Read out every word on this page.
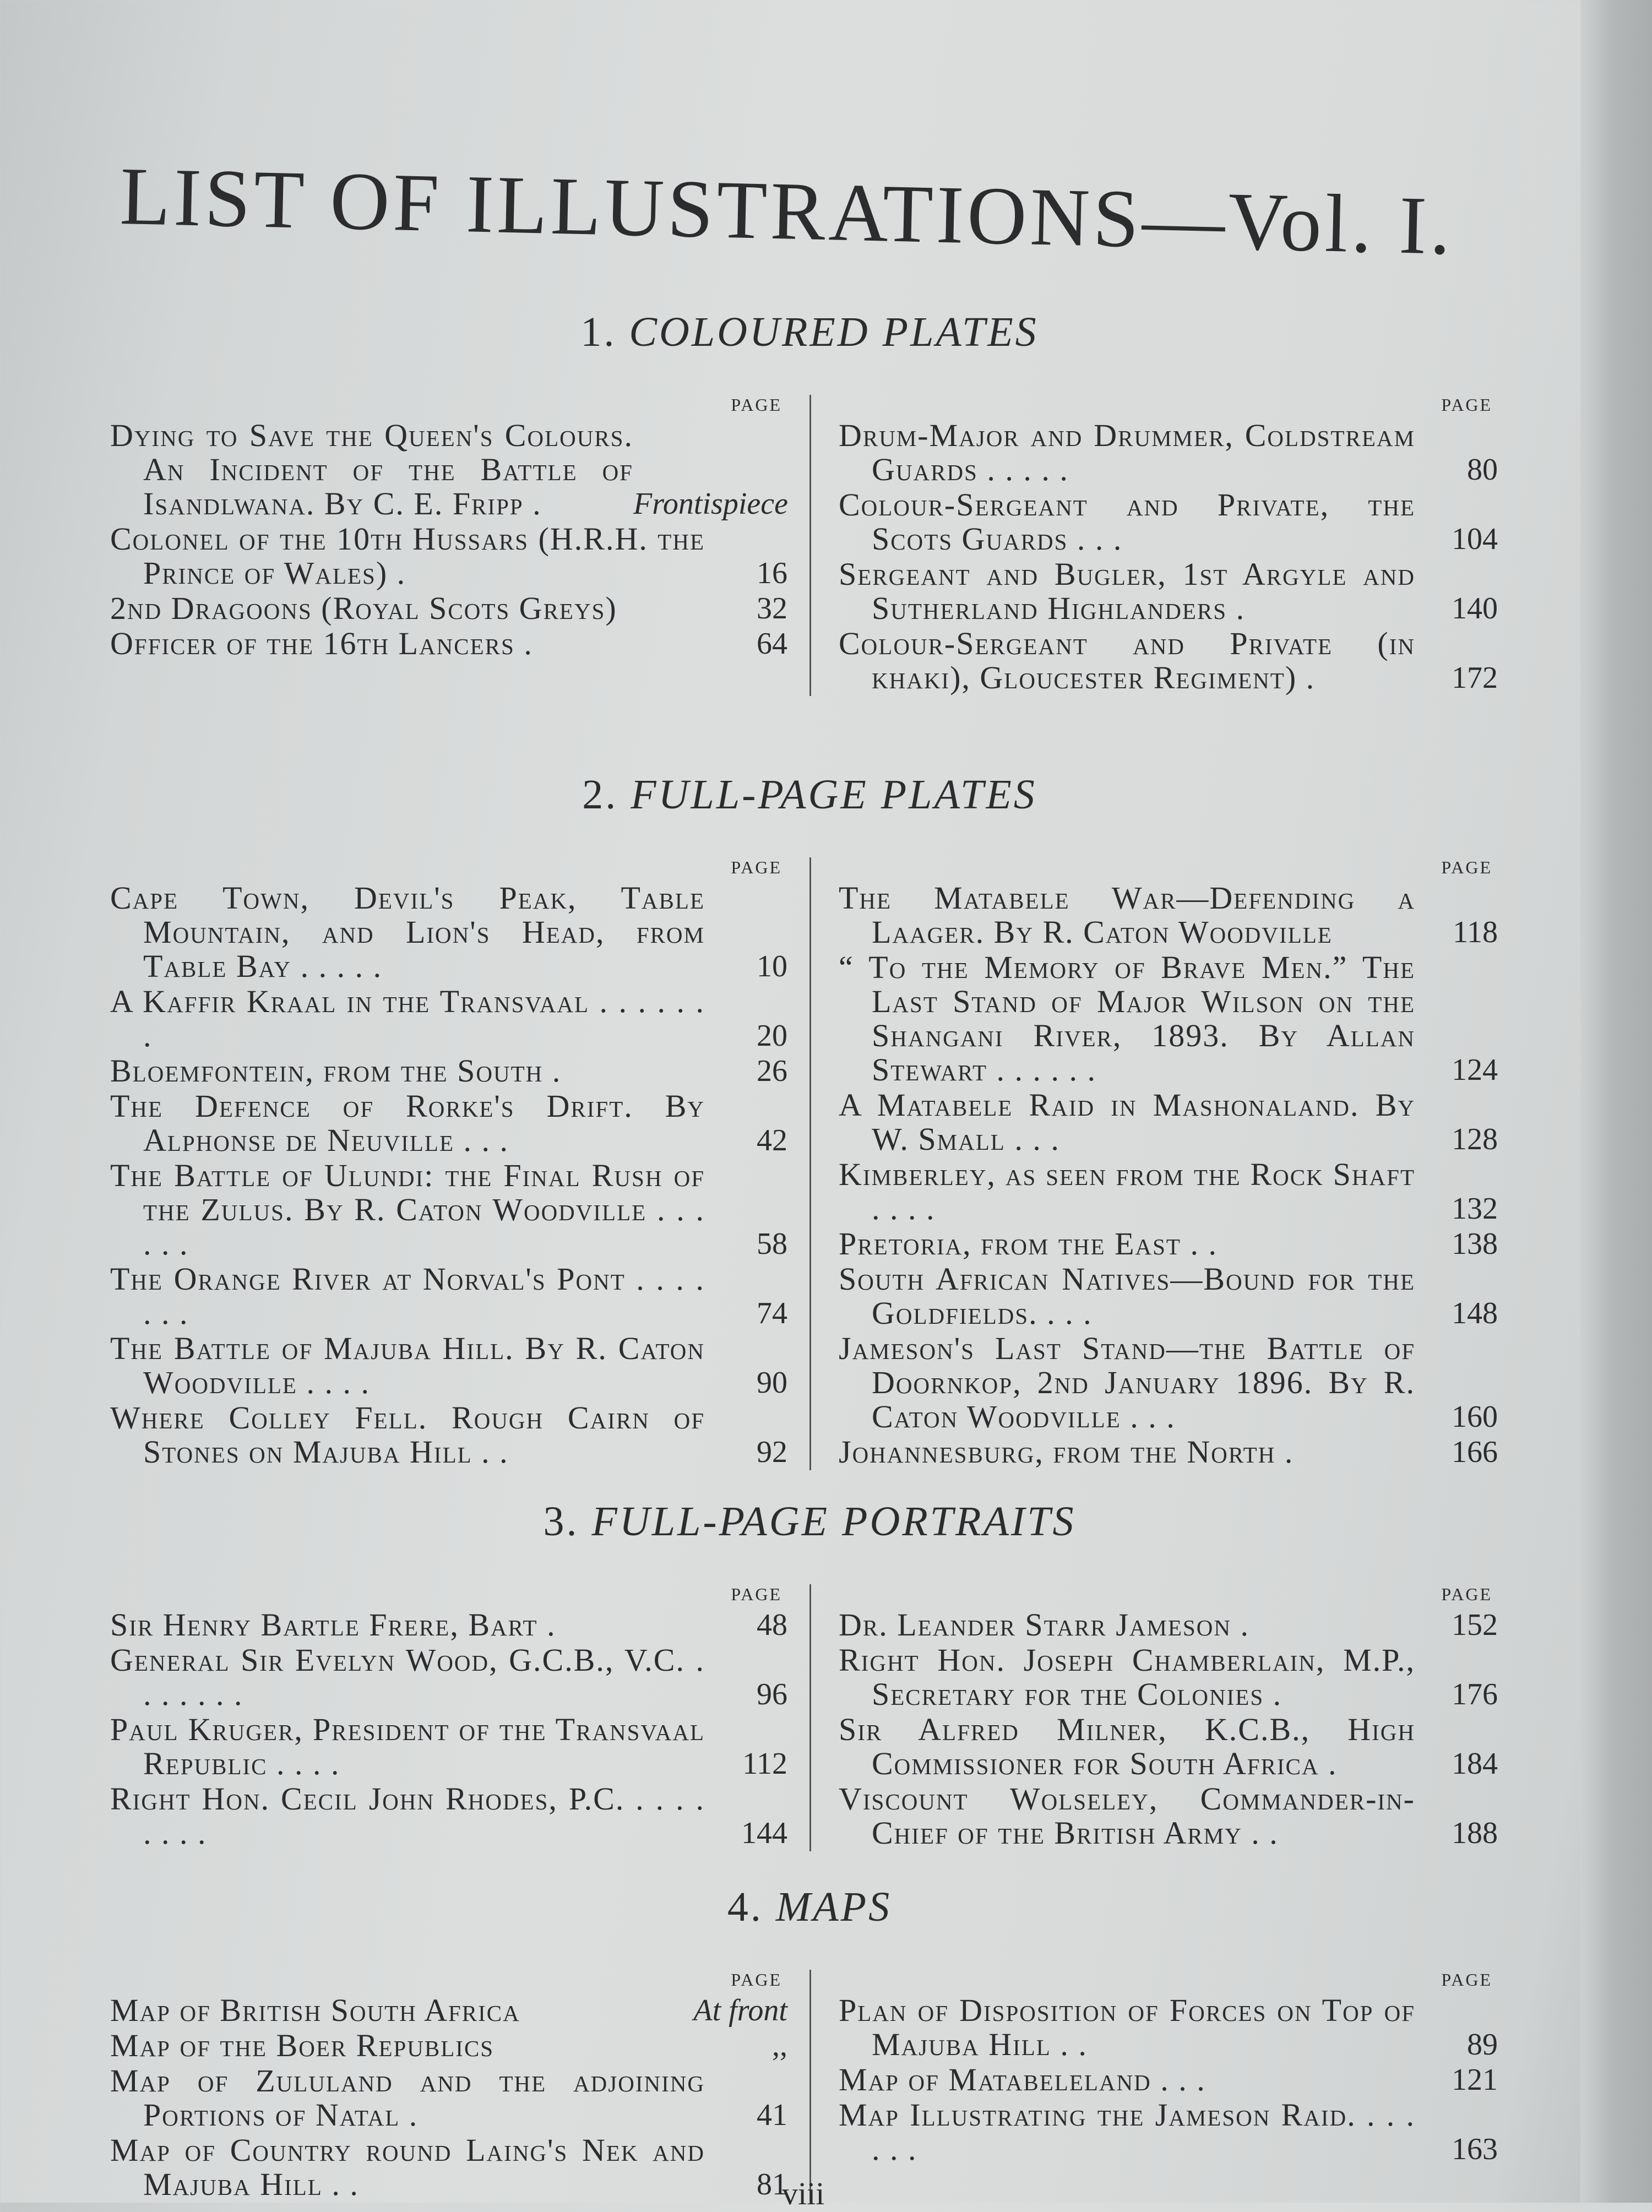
LIST OF ILLUSTRATIONS—Vol. I.
1. COLOURED PLATES
PAGE
Dying to Save the Queen's Colours. An Incident of the Battle of Isandlwana. By C. E. Fripp .	Frontispiece
Colonel of the 10th Hussars (H.R.H. the Prince of Wales) .	16
2nd Dragoons (Royal Scots Greys)	32
Officer of the 16th Lancers .	64
PAGE
Drum-Major and Drummer, Coldstream Guards . . . . .	80
Colour-Sergeant and Private, the Scots Guards . . .	104
Sergeant and Bugler, 1st Argyle and Sutherland Highlanders .	140
Colour-Sergeant and Private (in khaki), Gloucester Regiment) .	172
2. FULL-PAGE PLATES
PAGE
Cape Town, Devil's Peak, Table Mountain, and Lion's Head, from Table Bay . . . . .	10
A Kaffir Kraal in the Transvaal . . . . . . .	20
Bloemfontein, from the South .	26
The Defence of Rorke's Drift. By Alphonse de Neuville . . .	42
The Battle of Ulundi: the Final Rush of the Zulus. By R. Caton Woodville . . . . . .	58
The Orange River at Norval's Pont . . . . . . .	74
The Battle of Majuba Hill. By R. Caton Woodville . . . .	90
Where Colley Fell. Rough Cairn of Stones on Majuba Hill . .	92
PAGE
The Matabele War—Defending a Laager. By R. Caton Woodville	118
“ To the Memory of Brave Men.” The Last Stand of Major Wilson on the Shangani River, 1893. By Allan Stewart . . . . . .	124
A Matabele Raid in Mashonaland. By W. Small . . .	128
Kimberley, as seen from the Rock Shaft . . . .	132
Pretoria, from the East . .	138
South African Natives—Bound for the Goldfields. . . .	148
Jameson's Last Stand—the Battle of Doornkop, 2nd January 1896. By R. Caton Woodville . . .	160
Johannesburg, from the North .	166
3. FULL-PAGE PORTRAITS
PAGE
Sir Henry Bartle Frere, Bart .	48
General Sir Evelyn Wood, G.C.B., V.C. . . . . . . .	96
Paul Kruger, President of the Transvaal Republic . . . .	112
Right Hon. Cecil John Rhodes, P.C. . . . . . . . .	144
PAGE
Dr. Leander Starr Jameson .	152
Right Hon. Joseph Chamberlain, M.P., Secretary for the Colonies .	176
Sir Alfred Milner, K.C.B., High Commissioner for South Africa .	184
Viscount Wolseley, Commander-in-Chief of the British Army . .	188
4. MAPS
PAGE
Map of British South Africa	At front
Map of the Boer Republics	,,
Map of Zululand and the adjoining Portions of Natal .	41
Map of Country round Laing's Nek and Majuba Hill . .	81
PAGE
Plan of Disposition of Forces on Top of Majuba Hill . .	89
Map of Matabeleland . . .	121
Map Illustrating the Jameson Raid. . . . . . .	163
viii
